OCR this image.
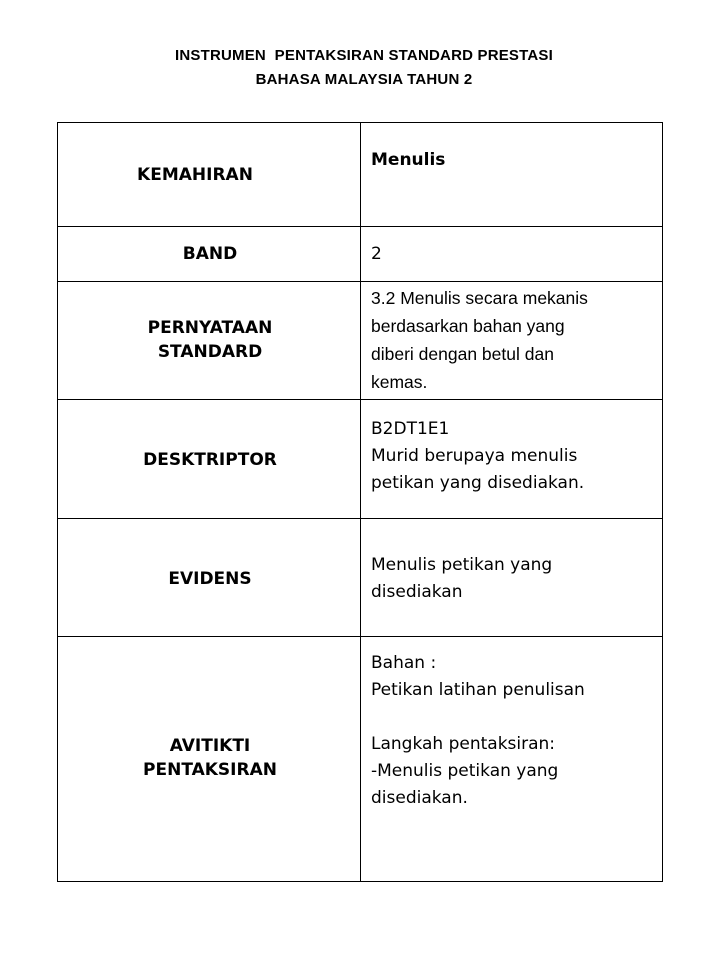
INSTRUMEN  PENTAKSIRAN STANDARD PRESTASI
BAHASA MALAYSIA TAHUN 2
KEMAHIRAN
Menulis
BAND	2
PERNYATAAN
STANDARD
3.2 Menulis secara mekanis
berdasarkan bahan yang
diberi dengan betul dan
kemas.
DESKTRIPTOR
B2DT1E1
Murid berupaya menulis
petikan yang disediakan.
EVIDENS
Menulis petikan yang
disediakan
AVITIKTI
PENTAKSIRAN
Bahan :
Petikan latihan penulisan
Langkah pentaksiran:
-Menulis petikan yang
disediakan.
